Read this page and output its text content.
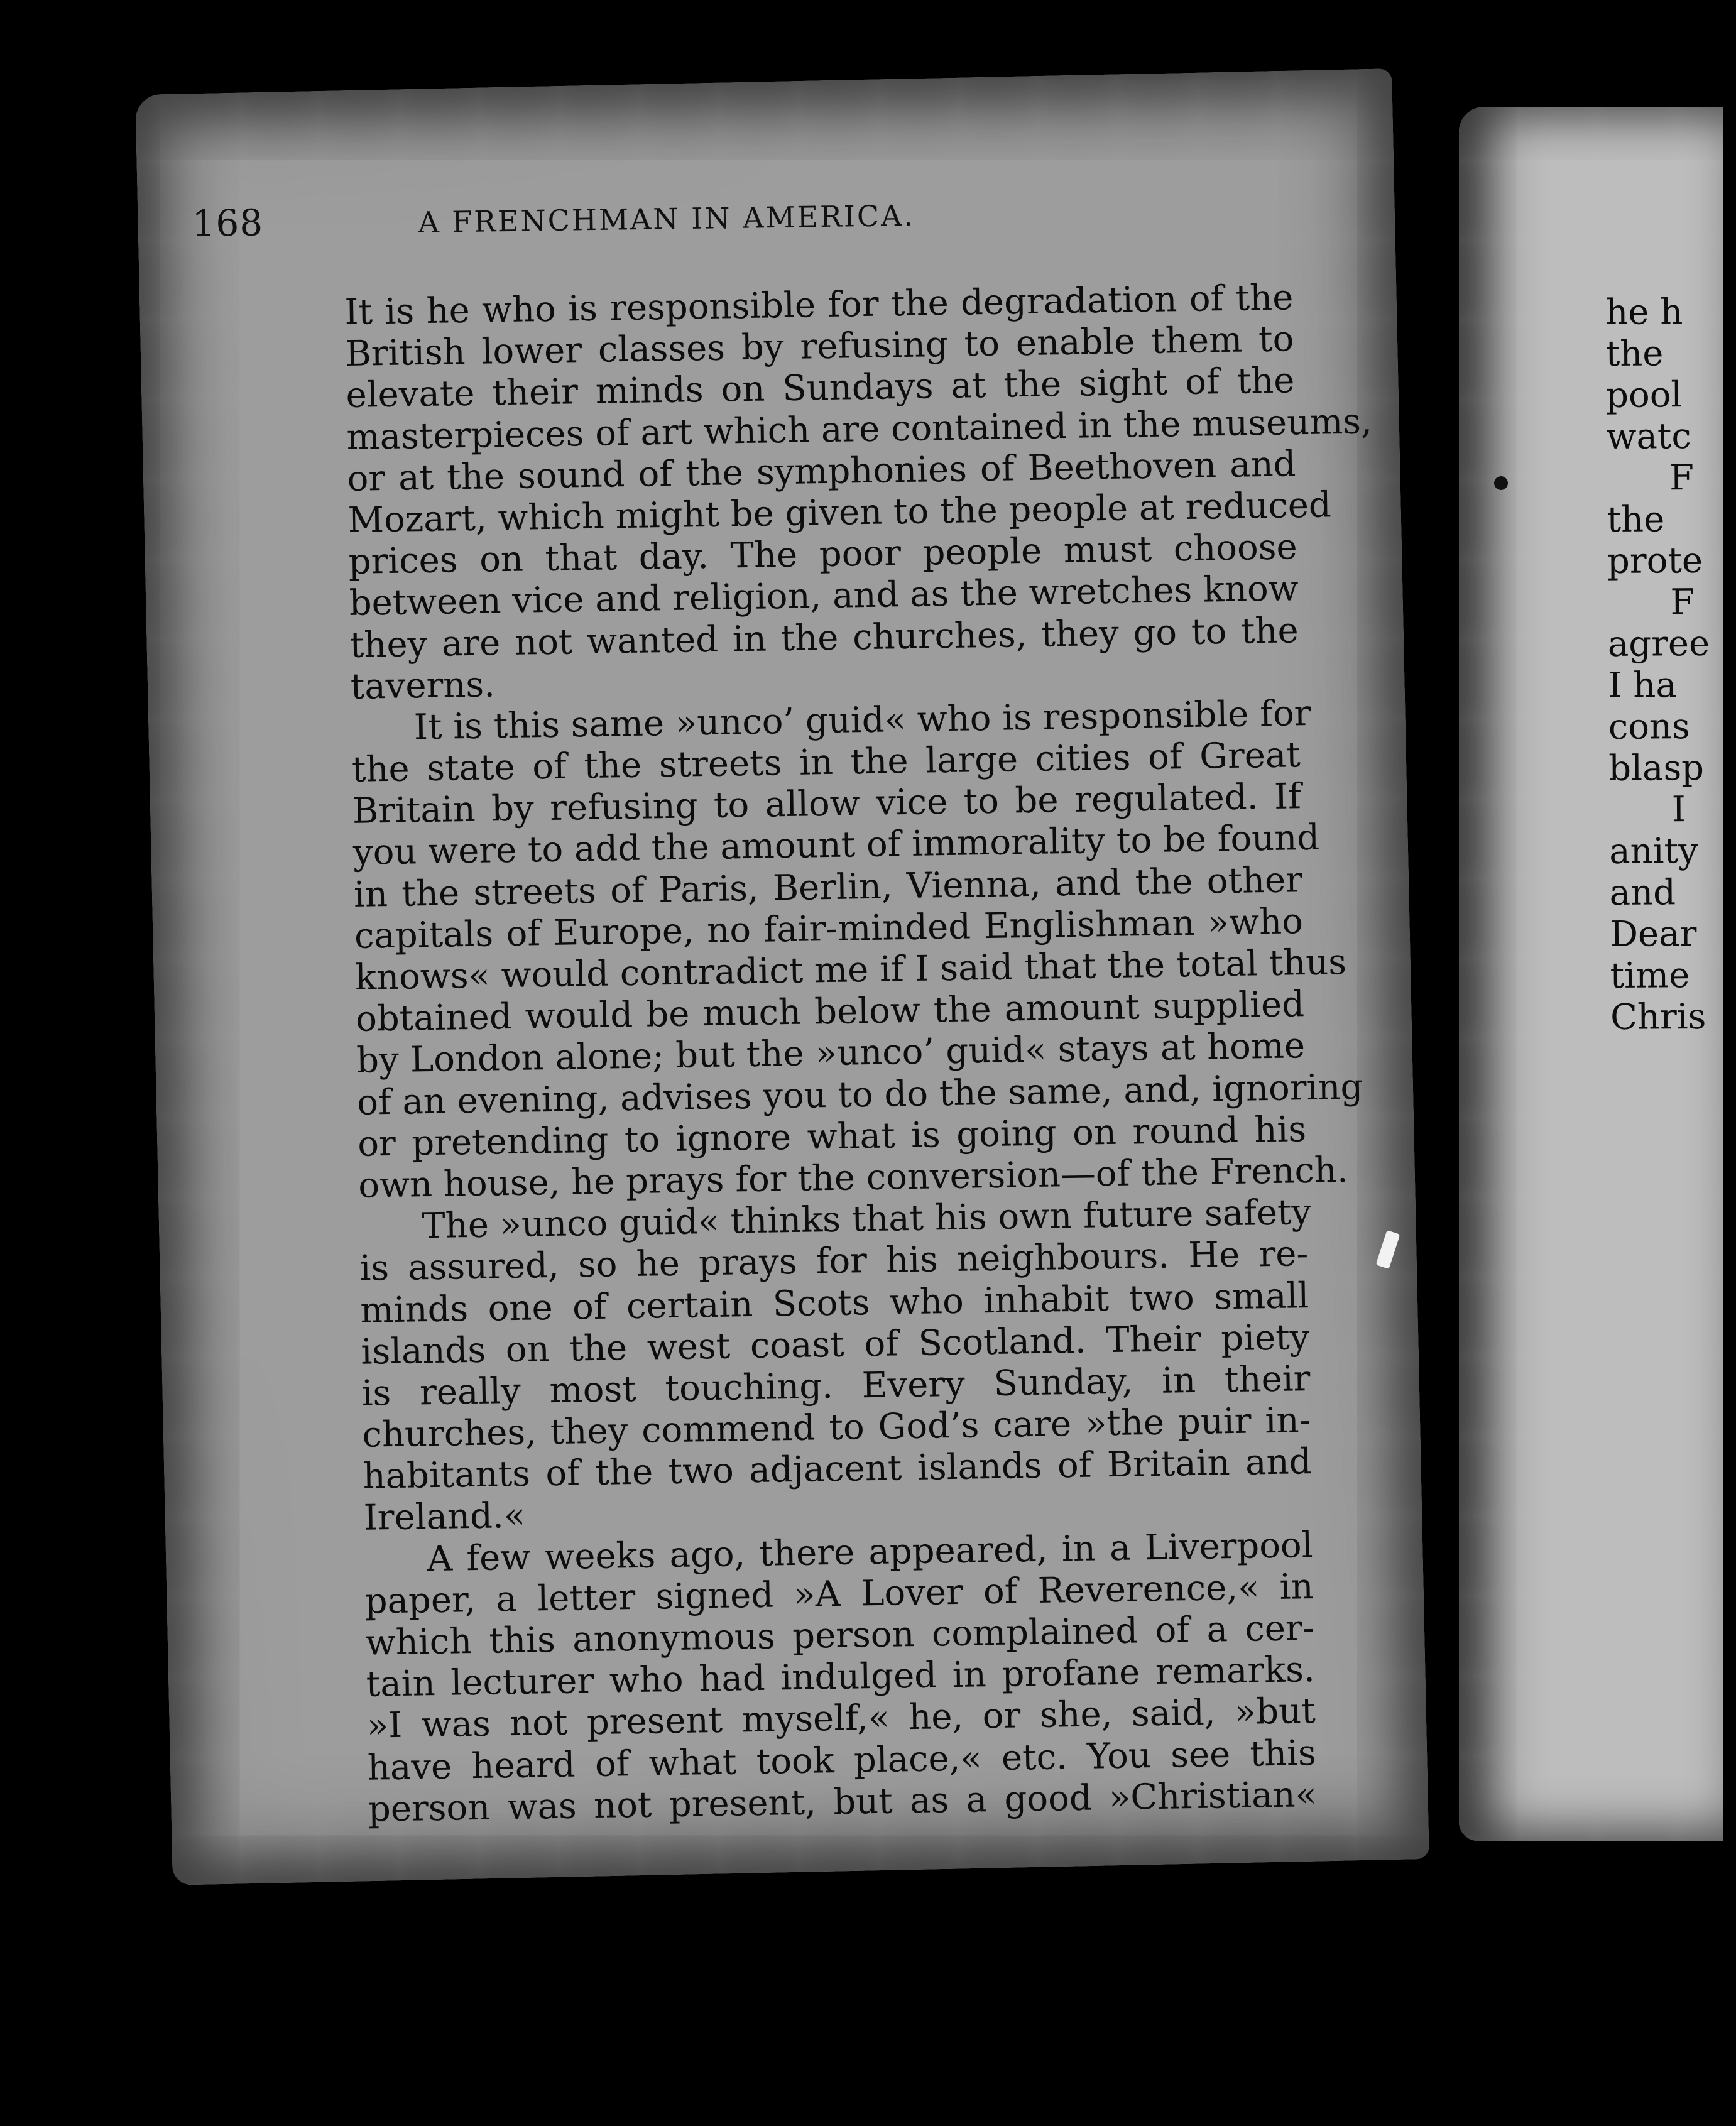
168	A FRENCHMAN IN AMERICA.
It is he who is responsible for the degradation of the
British lower classes by refusing to enable them to
elevate their minds on Sundays at the sight of the
masterpieces of art which are contained in the museums,
or at the sound of the symphonies of Beethoven and
Mozart, which might be given to the people at reduced
prices on that day. The poor people must choose
between vice and religion, and as the wretches know
they are not wanted in the churches, they go to the
taverns.
It is this same »unco’ guid« who is responsible for
the state of the streets in the large cities of Great
Britain by refusing to allow vice to be regulated. If
you were to add the amount of immorality to be found
in the streets of Paris, Berlin, Vienna, and the other
capitals of Europe, no fair-minded Englishman »who
knows« would contradict me if I said that the total thus
obtained would be much below the amount supplied
by London alone; but the »unco’ guid« stays at home
of an evening, advises you to do the same, and, ignoring
or pretending to ignore what is going on round his
own house, he prays for the conversion—of the French.
The »unco guid« thinks that his own future safety
is assured, so he prays for his neighbours. He re-
minds one of certain Scots who inhabit two small
islands on the west coast of Scotland. Their piety
is really most touching. Every Sunday, in their
churches, they commend to God’s care »the puir in-
habitants of the two adjacent islands of Britain and
Ireland.«
A few weeks ago, there appeared, in a Liverpool
paper, a letter signed »A Lover of Reverence,« in
which this anonymous person complained of a cer-
tain lecturer who had indulged in profane remarks.
»I was not present myself,« he, or she, said, »but
have heard of what took place,« etc. You see this
person was not present, but as a good »Christian«
he h
the
pool
watc
F
the
prote
F
agree
I ha
cons
blasp
I
anity
and
Dear
time
Chris
